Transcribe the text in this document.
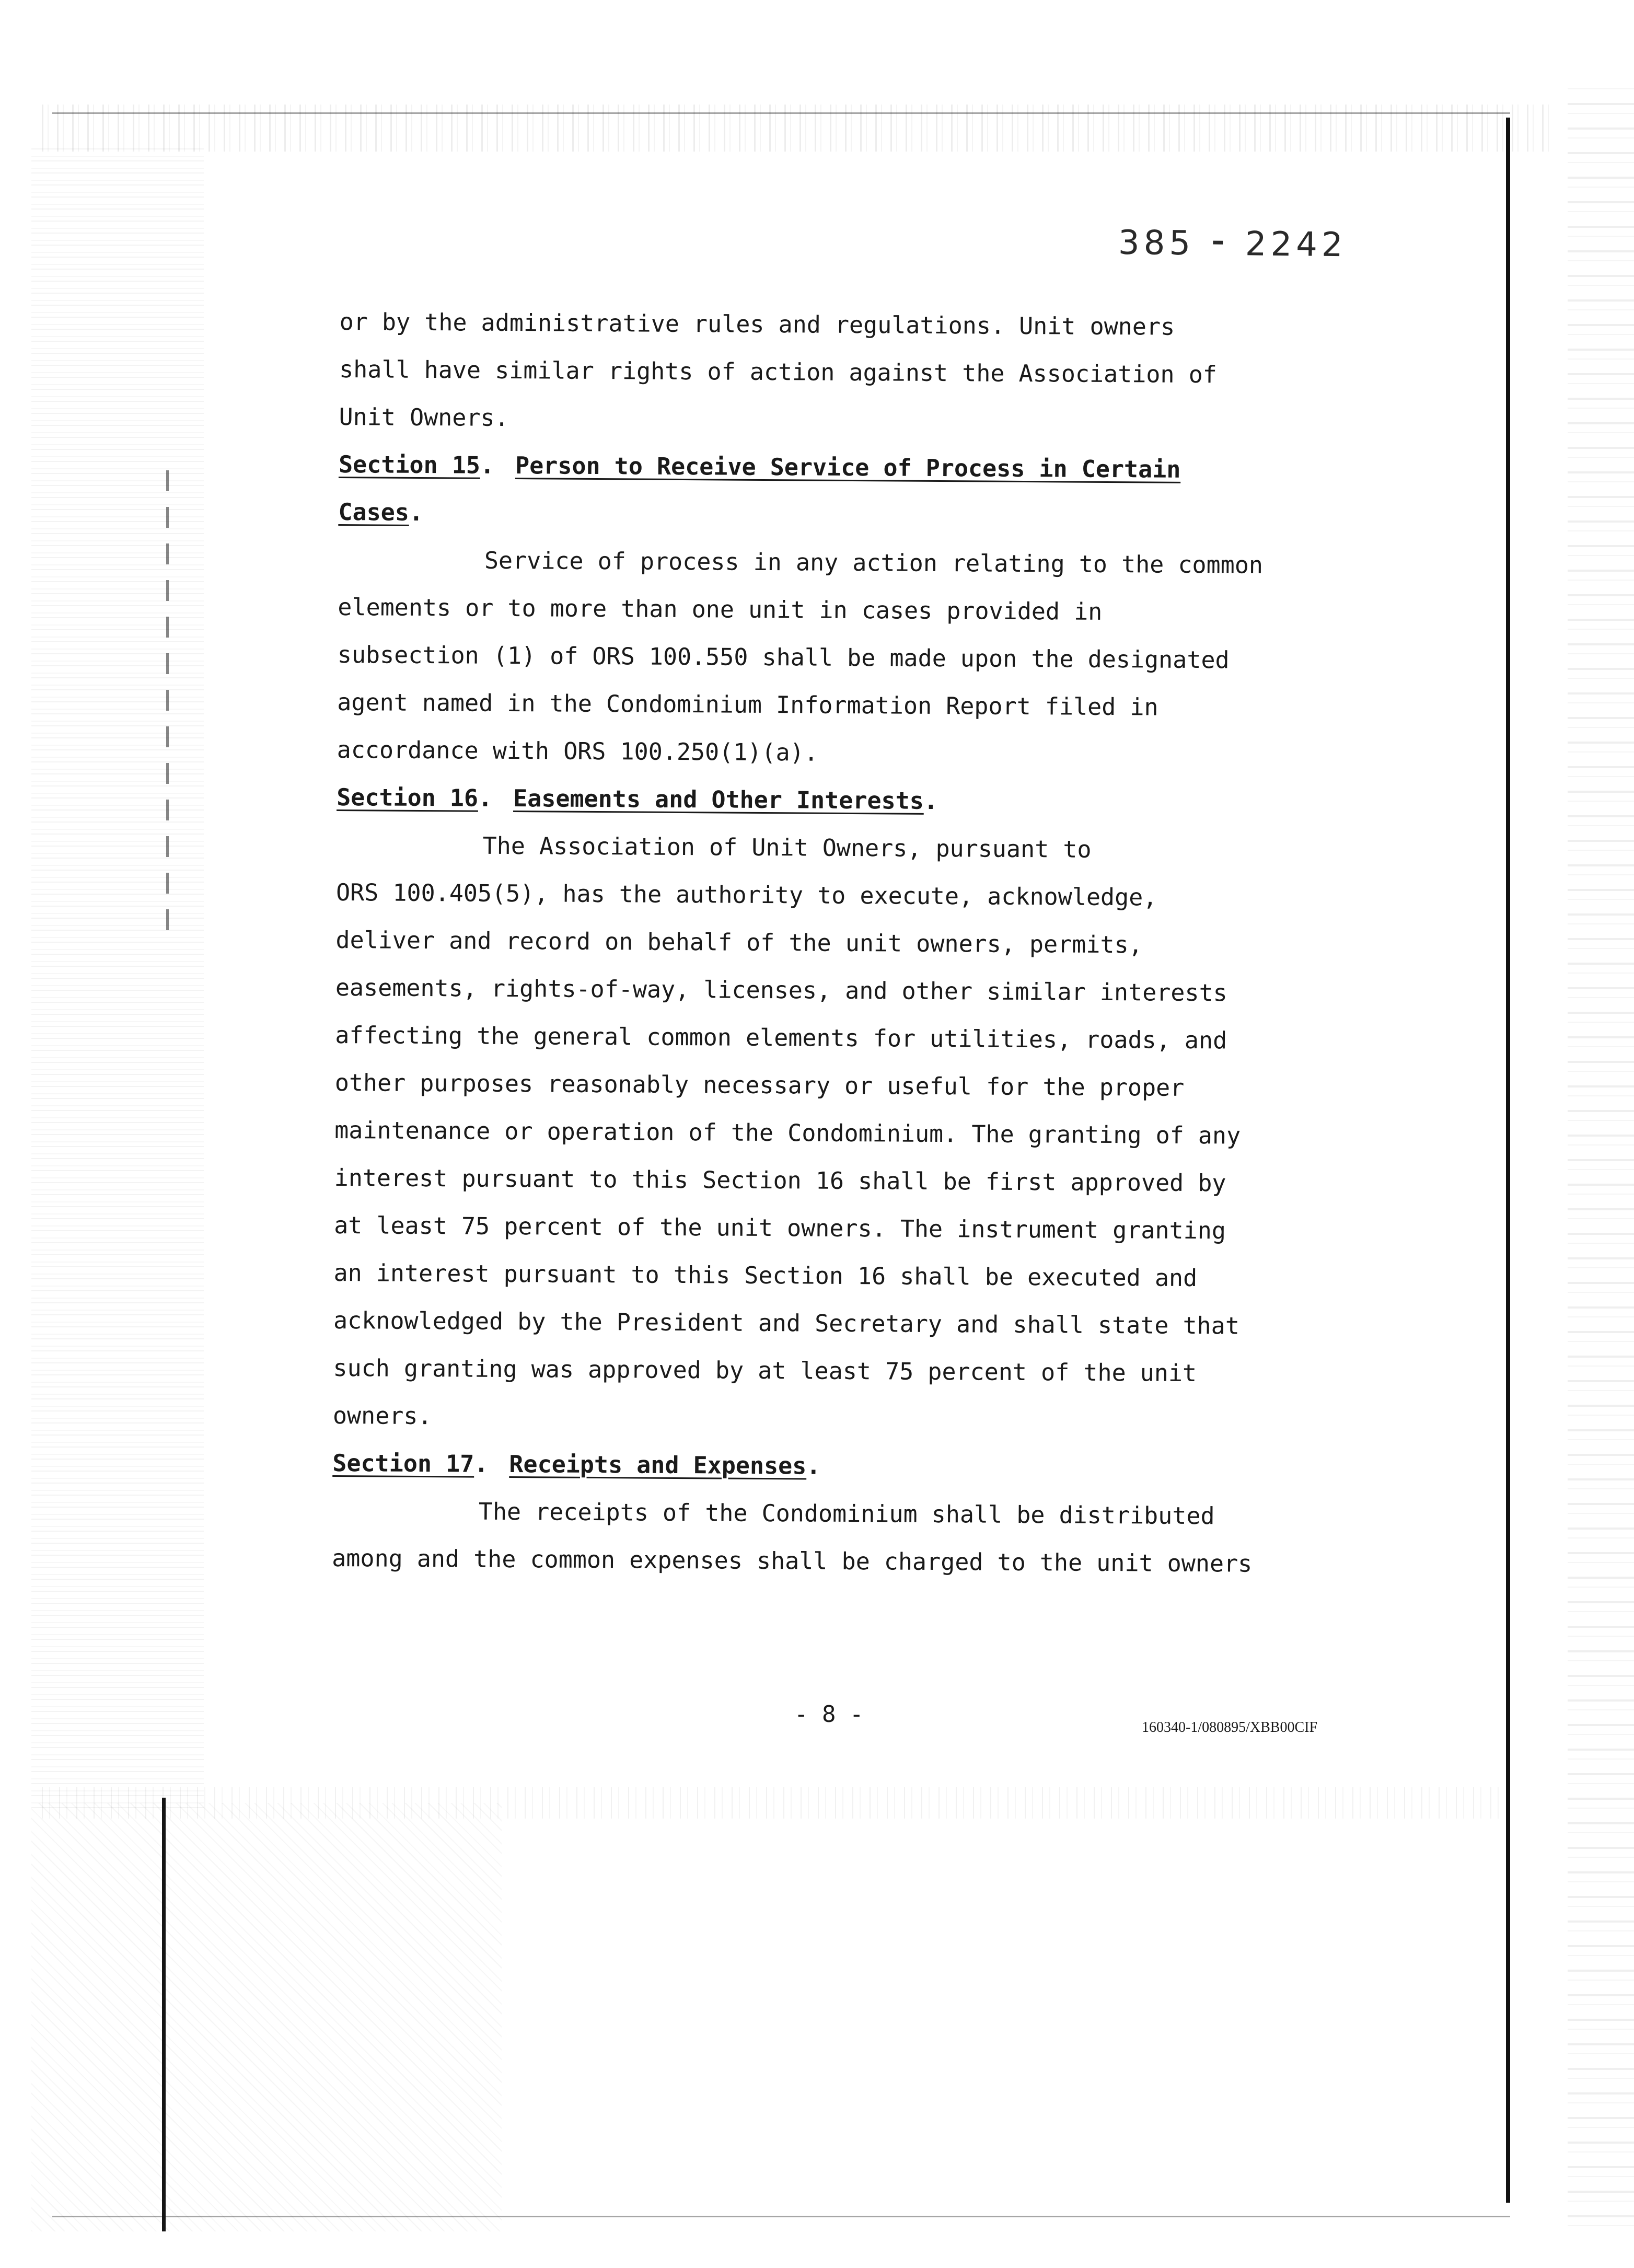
385 ⁃ 2242
or by the administrative rules and regulations. Unit owners
shall have similar rights of action against the Association of
Unit Owners.
Section 15. Person to Receive Service of Process in Certain
Cases.
Service of process in any action relating to the common
elements or to more than one unit in cases provided in
subsection (1) of ORS 100.550 shall be made upon the designated
agent named in the Condominium Information Report filed in
accordance with ORS 100.250(1)(a).
Section 16. Easements and Other Interests.
The Association of Unit Owners, pursuant to
ORS 100.405(5), has the authority to execute, acknowledge,
deliver and record on behalf of the unit owners, permits,
easements, rights-of-way, licenses, and other similar interests
affecting the general common elements for utilities, roads, and
other purposes reasonably necessary or useful for the proper
maintenance or operation of the Condominium. The granting of any
interest pursuant to this Section 16 shall be first approved by
at least 75 percent of the unit owners. The instrument granting
an interest pursuant to this Section 16 shall be executed and
acknowledged by the President and Secretary and shall state that
such granting was approved by at least 75 percent of the unit
owners.
Section 17. Receipts and Expenses.
The receipts of the Condominium shall be distributed
among and the common expenses shall be charged to the unit owners
- 8 -	160340-1/080895/XBB00CIF
